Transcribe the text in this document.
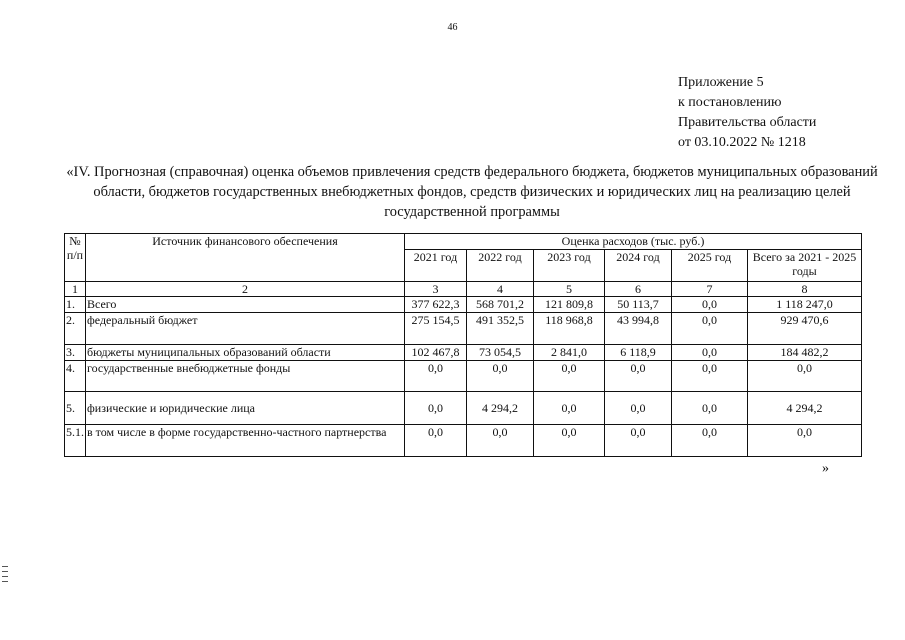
46
Приложение 5
к постановлению
Правительства области
от 03.10.2022 № 1218
«IV. Прогнозная (справочная) оценка объемов привлечения средств федерального бюджета, бюджетов муниципальных образований области, бюджетов государственных внебюджетных фондов, средств физических и юридических лиц на реализацию целей государственной программы
№ п/п	Источник финансового обеспечения	Оценка расходов (тыс. руб.)					
		2021 год	2022 год	2023 год	2024 год	2025 год	Всего за 2021 - 2025 годы
1	2	3	4	5	6	7	8
1.	Всего	377 622,3	568 701,2	121 809,8	50 113,7	0,0	1 118 247,0
2.	федеральный бюджет	275 154,5	491 352,5	118 968,8	43 994,8	0,0	929 470,6
3.	бюджеты муниципальных образований области	102 467,8	73 054,5	2 841,0	6 118,9	0,0	184 482,2
4.	государственные внебюджетные фонды	0,0	0,0	0,0	0,0	0,0	0,0
5.	физические и юридические лица	0,0	4 294,2	0,0	0,0	0,0	4 294,2
5.1.	в том числе в форме государственно-частного партнерства	0,0	0,0	0,0	0,0	0,0	0,0
»
